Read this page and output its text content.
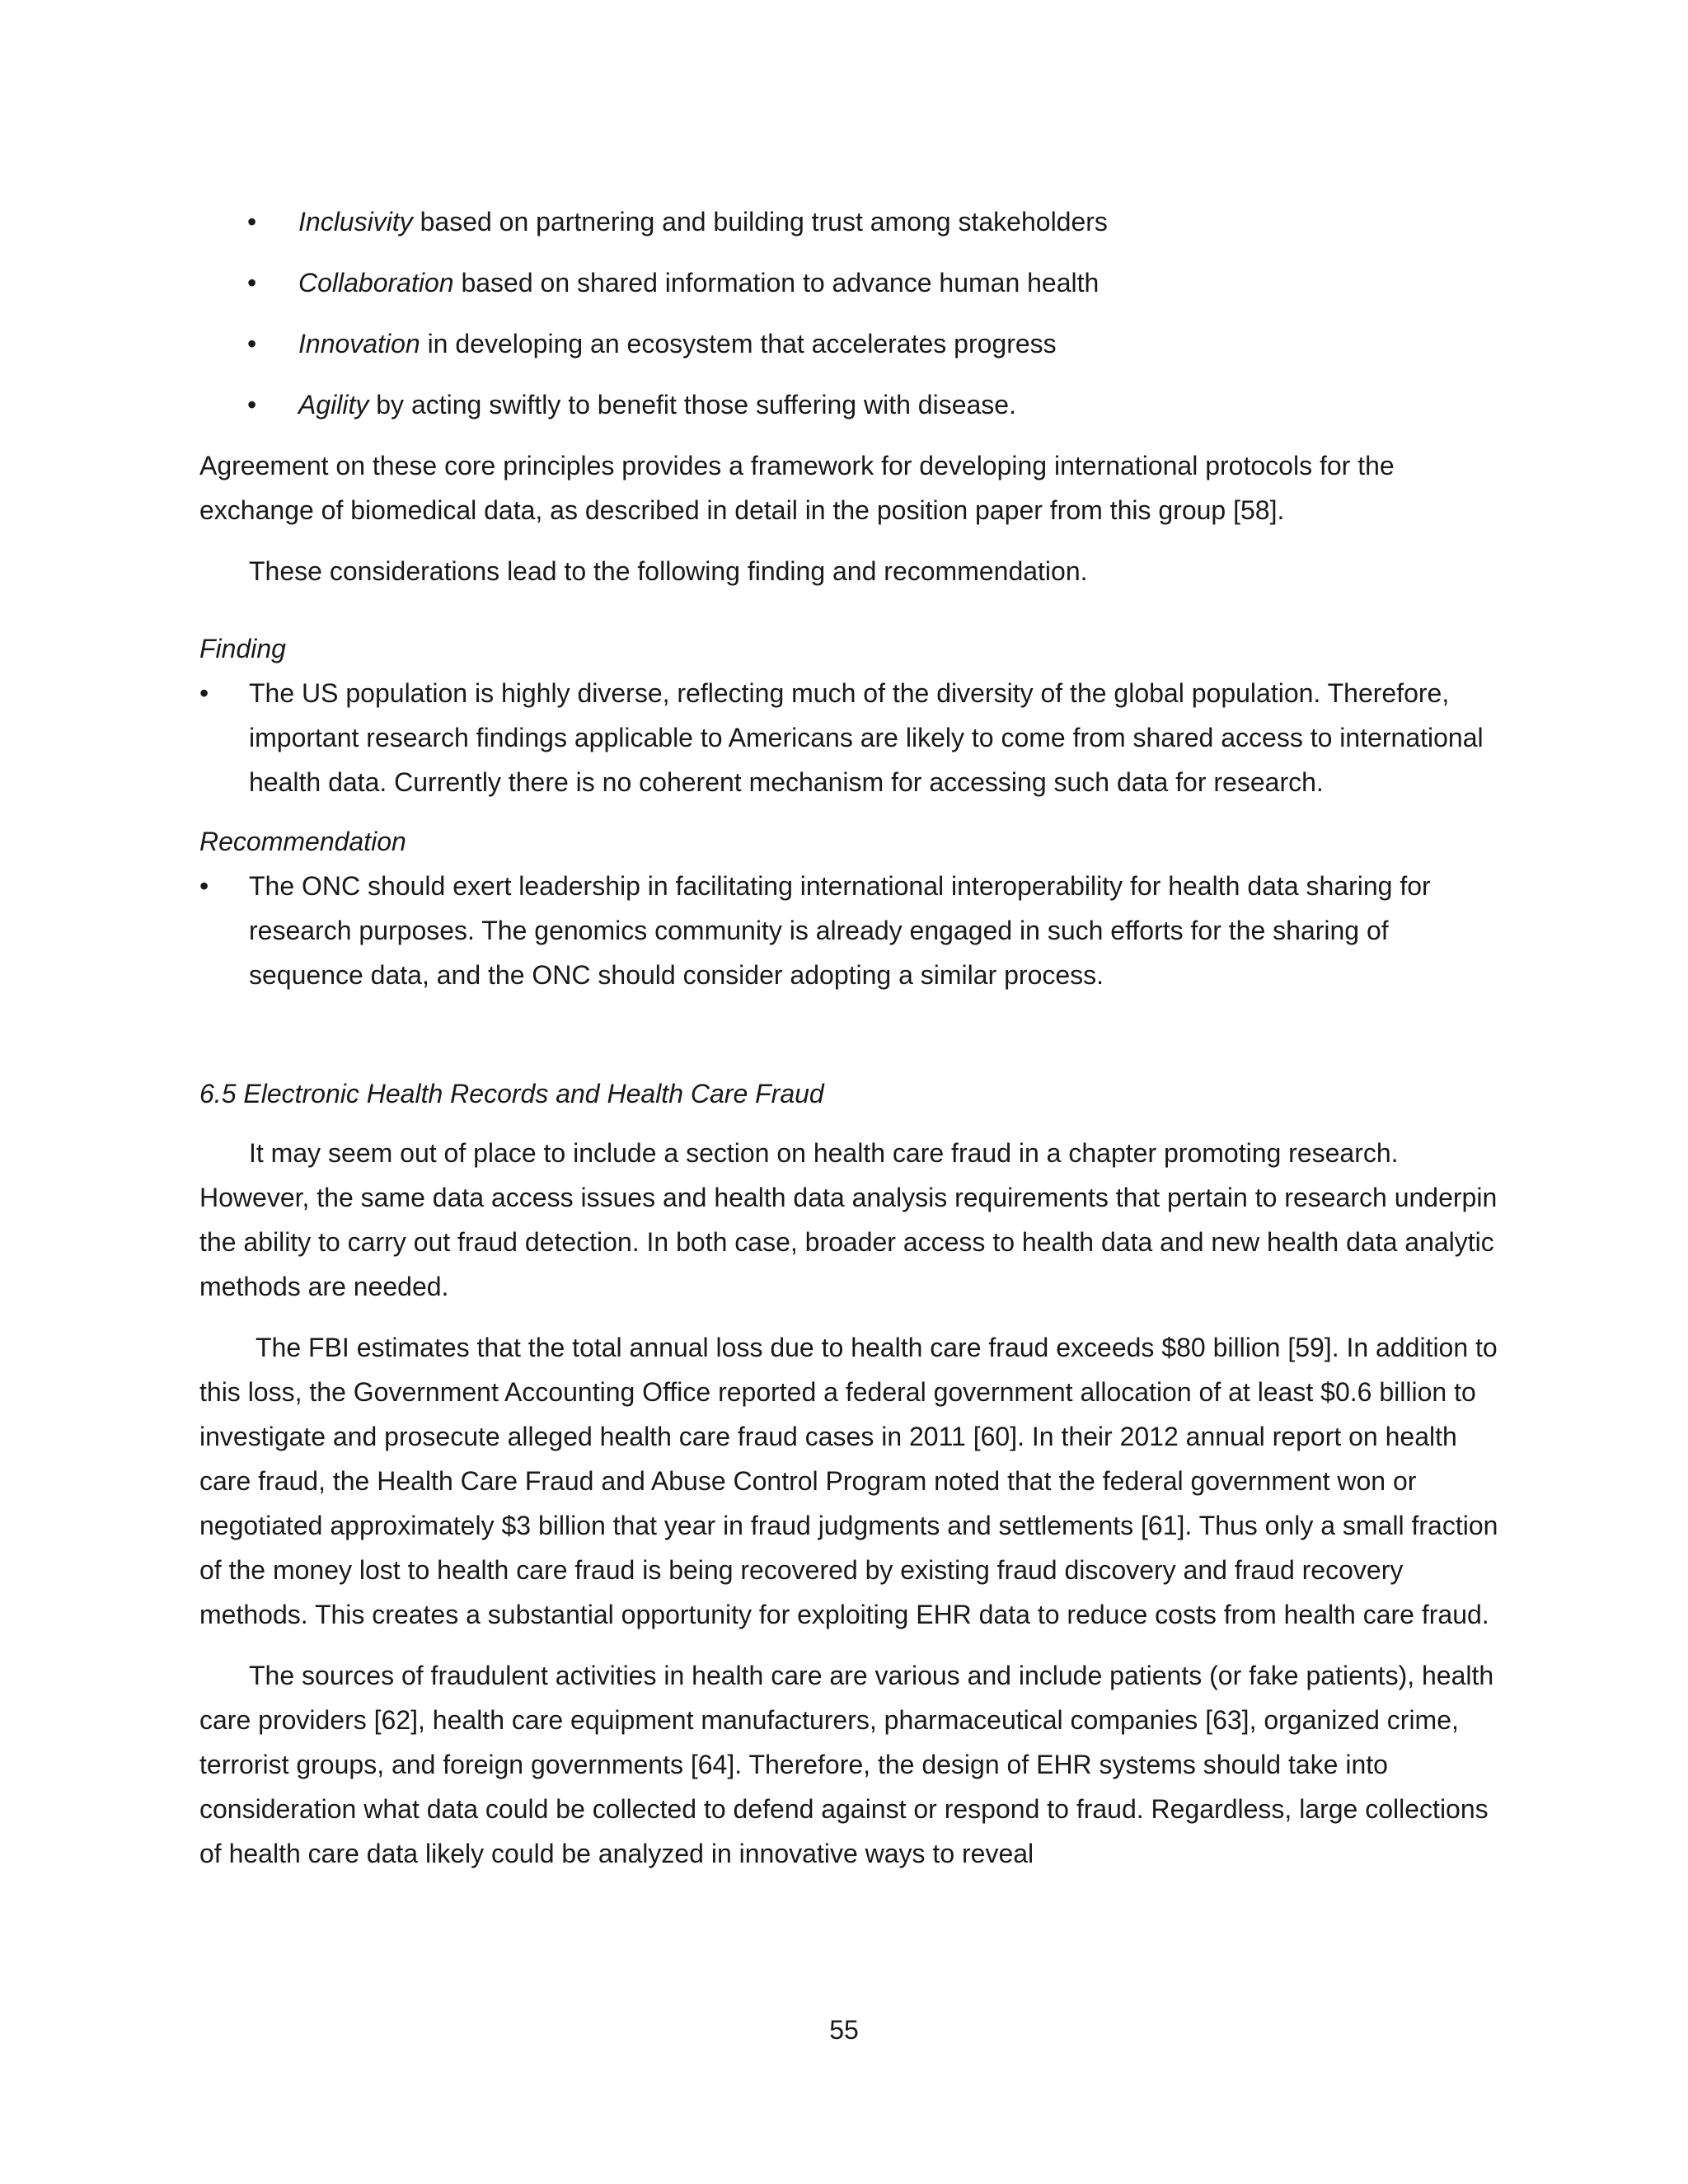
• Inclusivity based on partnering and building trust among stakeholders
• Collaboration based on shared information to advance human health
• Innovation in developing an ecosystem that accelerates progress
• Agility by acting swiftly to benefit those suffering with disease.

Agreement on these core principles provides a framework for developing international protocols for the exchange of biomedical data, as described in detail in the position paper from this group [58].

These considerations lead to the following finding and recommendation.

Finding

• The US population is highly diverse, reflecting much of the diversity of the global population. Therefore, important research findings applicable to Americans are likely to come from shared access to international health data. Currently there is no coherent mechanism for accessing such data for research.

Recommendation

• The ONC should exert leadership in facilitating international interoperability for health data sharing for research purposes. The genomics community is already engaged in such efforts for the sharing of sequence data, and the ONC should consider adopting a similar process.

6.5 Electronic Health Records and Health Care Fraud

It may seem out of place to include a section on health care fraud in a chapter promoting research. However, the same data access issues and health data analysis requirements that pertain to research underpin the ability to carry out fraud detection. In both case, broader access to health data and new health data analytic methods are needed.

The FBI estimates that the total annual loss due to health care fraud exceeds $80 billion [59]. In addition to this loss, the Government Accounting Office reported a federal government allocation of at least $0.6 billion to investigate and prosecute alleged health care fraud cases in 2011 [60]. In their 2012 annual report on health care fraud, the Health Care Fraud and Abuse Control Program noted that the federal government won or negotiated approximately $3 billion that year in fraud judgments and settlements [61]. Thus only a small fraction of the money lost to health care fraud is being recovered by existing fraud discovery and fraud recovery methods. This creates a substantial opportunity for exploiting EHR data to reduce costs from health care fraud.

The sources of fraudulent activities in health care are various and include patients (or fake patients), health care providers [62], health care equipment manufacturers, pharmaceutical companies [63], organized crime, terrorist groups, and foreign governments [64]. Therefore, the design of EHR systems should take into consideration what data could be collected to defend against or respond to fraud. Regardless, large collections of health care data likely could be analyzed in innovative ways to reveal

55
